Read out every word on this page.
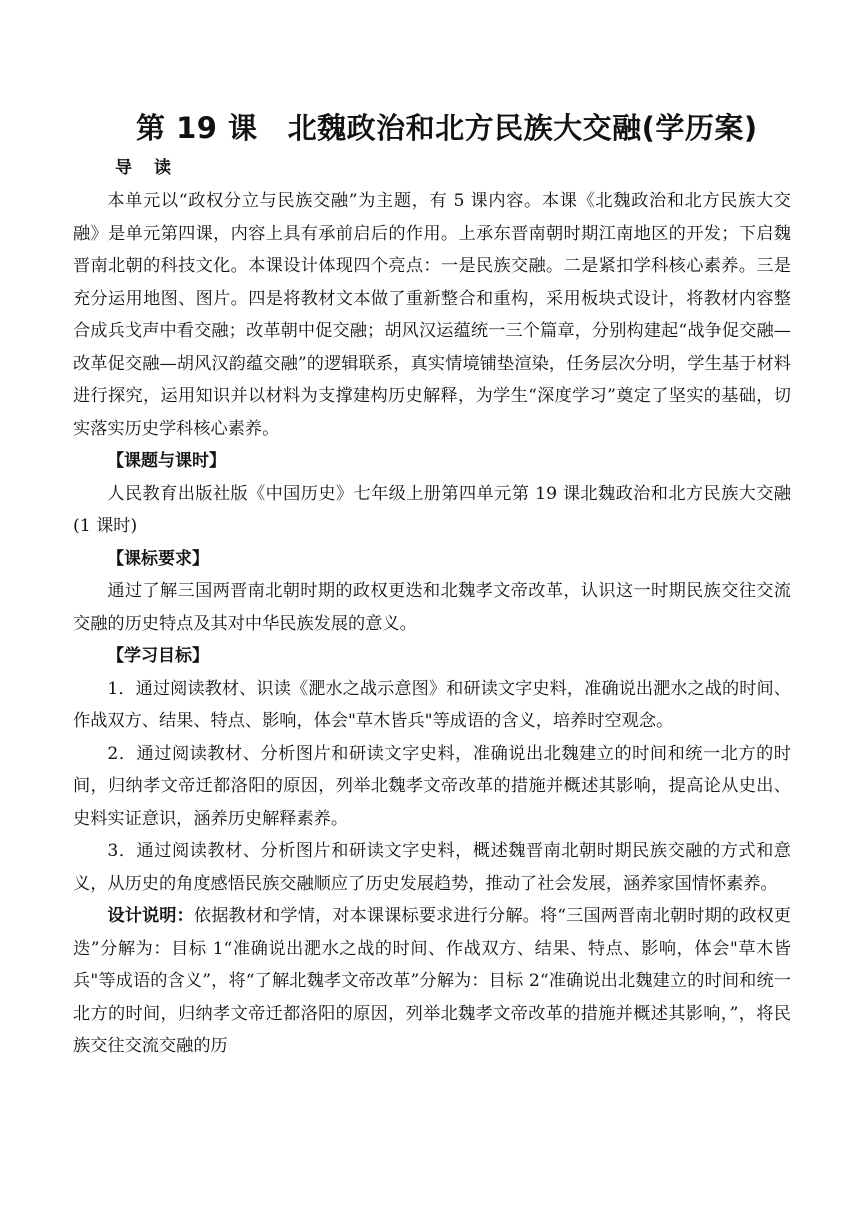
第 19 课 北魏政治和北方民族大交融(学历案)
导读

本单元以“政权分立与民族交融”为主题，有 5 课内容。本课《北魏政治和北方民族大交融》是单元第四课，内容上具有承前启后的作用。上承东晋南朝时期江南地区的开发；下启魏晋南北朝的科技文化。本课设计体现四个亮点：一是民族交融。二是紧扣学科核心素养。三是充分运用地图、图片。四是将教材文本做了重新整合和重构，采用板块式设计，将教材内容整合成兵戈声中看交融；改革朝中促交融；胡风汉运蕴统一三个篇章，分别构建起“战争促交融—改革促交融—胡风汉韵蕴交融”的逻辑联系，真实情境铺垫渲染，任务层次分明，学生基于材料进行探究，运用知识并以材料为支撑建构历史解释，为学生“深度学习”奠定了坚实的基础，切实落实历史学科核心素养。

【课题与课时】

人民教育出版社版《中国历史》七年级上册第四单元第 19 课北魏政治和北方民族大交融 (1 课时)

【课标要求】

通过了解三国两晋南北朝时期的政权更迭和北魏孝文帝改革，认识这一时期民族交往交流交融的历史特点及其对中华民族发展的意义。

【学习目标】

1．通过阅读教材、识读《淝水之战示意图》和研读文字史料，准确说出淝水之战的时间、作战双方、结果、特点、影响，体会"草木皆兵"等成语的含义，培养时空观念。

2．通过阅读教材、分析图片和研读文字史料，准确说出北魏建立的时间和统一北方的时间，归纳孝文帝迁都洛阳的原因，列举北魏孝文帝改革的措施并概述其影响，提高论从史出、史料实证意识，涵养历史解释素养。

3．通过阅读教材、分析图片和研读文字史料，概述魏晋南北朝时期民族交融的方式和意义，从历史的角度感悟民族交融顺应了历史发展趋势，推动了社会发展，涵养家国情怀素养。

设计说明：依据教材和学情，对本课课标要求进行分解。将“三国两晋南北朝时期的政权更迭”分解为：目标 1“准确说出淝水之战的时间、作战双方、结果、特点、影响，体会"草木皆兵"等成语的含义”，将“了解北魏孝文帝改革”分解为：目标 2“准确说出北魏建立的时间和统一北方的时间，归纳孝文帝迁都洛阳的原因，列举北魏孝文帝改革的措施并概述其影响，”，将民族交往交流交融的历
